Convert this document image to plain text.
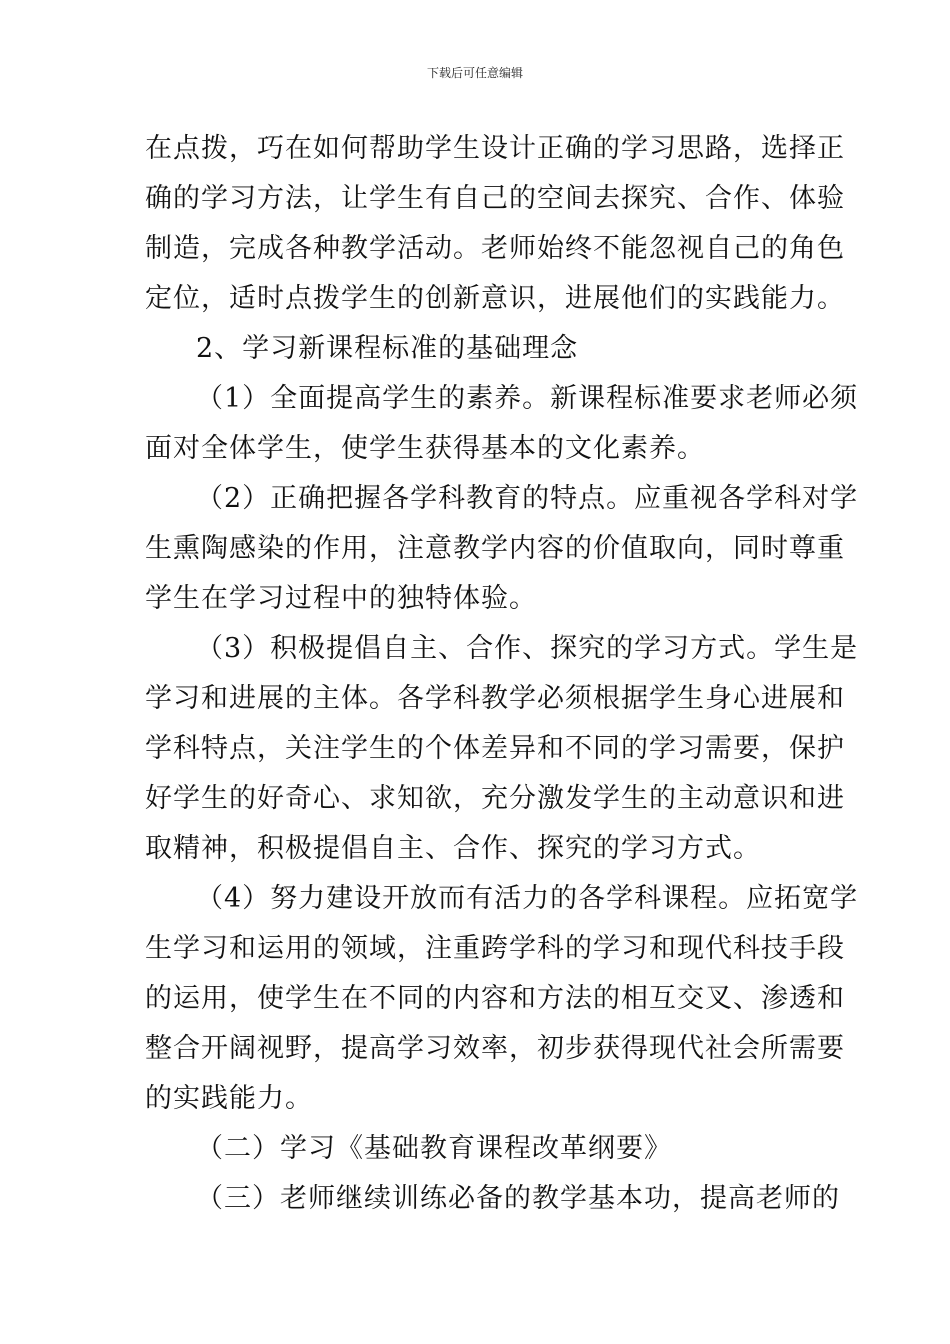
下载后可任意编辑
在点拨，巧在如何帮助学生设计正确的学习思路，选择正
确的学习方法，让学生有自己的空间去探究、合作、体验
制造，完成各种教学活动。老师始终不能忽视自己的角色
定位，适时点拨学生的创新意识，进展他们的实践能力。
2、学习新课程标准的基础理念
（1）全面提高学生的素养。新课程标准要求老师必须
面对全体学生，使学生获得基本的文化素养。
（2）正确把握各学科教育的特点。应重视各学科对学
生熏陶感染的作用，注意教学内容的价值取向，同时尊重
学生在学习过程中的独特体验。
（3）积极提倡自主、合作、探究的学习方式。学生是
学习和进展的主体。各学科教学必须根据学生身心进展和
学科特点，关注学生的个体差异和不同的学习需要，保护
好学生的好奇心、求知欲，充分激发学生的主动意识和进
取精神，积极提倡自主、合作、探究的学习方式。
（4）努力建设开放而有活力的各学科课程。应拓宽学
生学习和运用的领域，注重跨学科的学习和现代科技手段
的运用，使学生在不同的内容和方法的相互交叉、渗透和
整合开阔视野，提高学习效率，初步获得现代社会所需要
的实践能力。
（二）学习《基础教育课程改革纲要》
（三）老师继续训练必备的教学基本功，提高老师的
